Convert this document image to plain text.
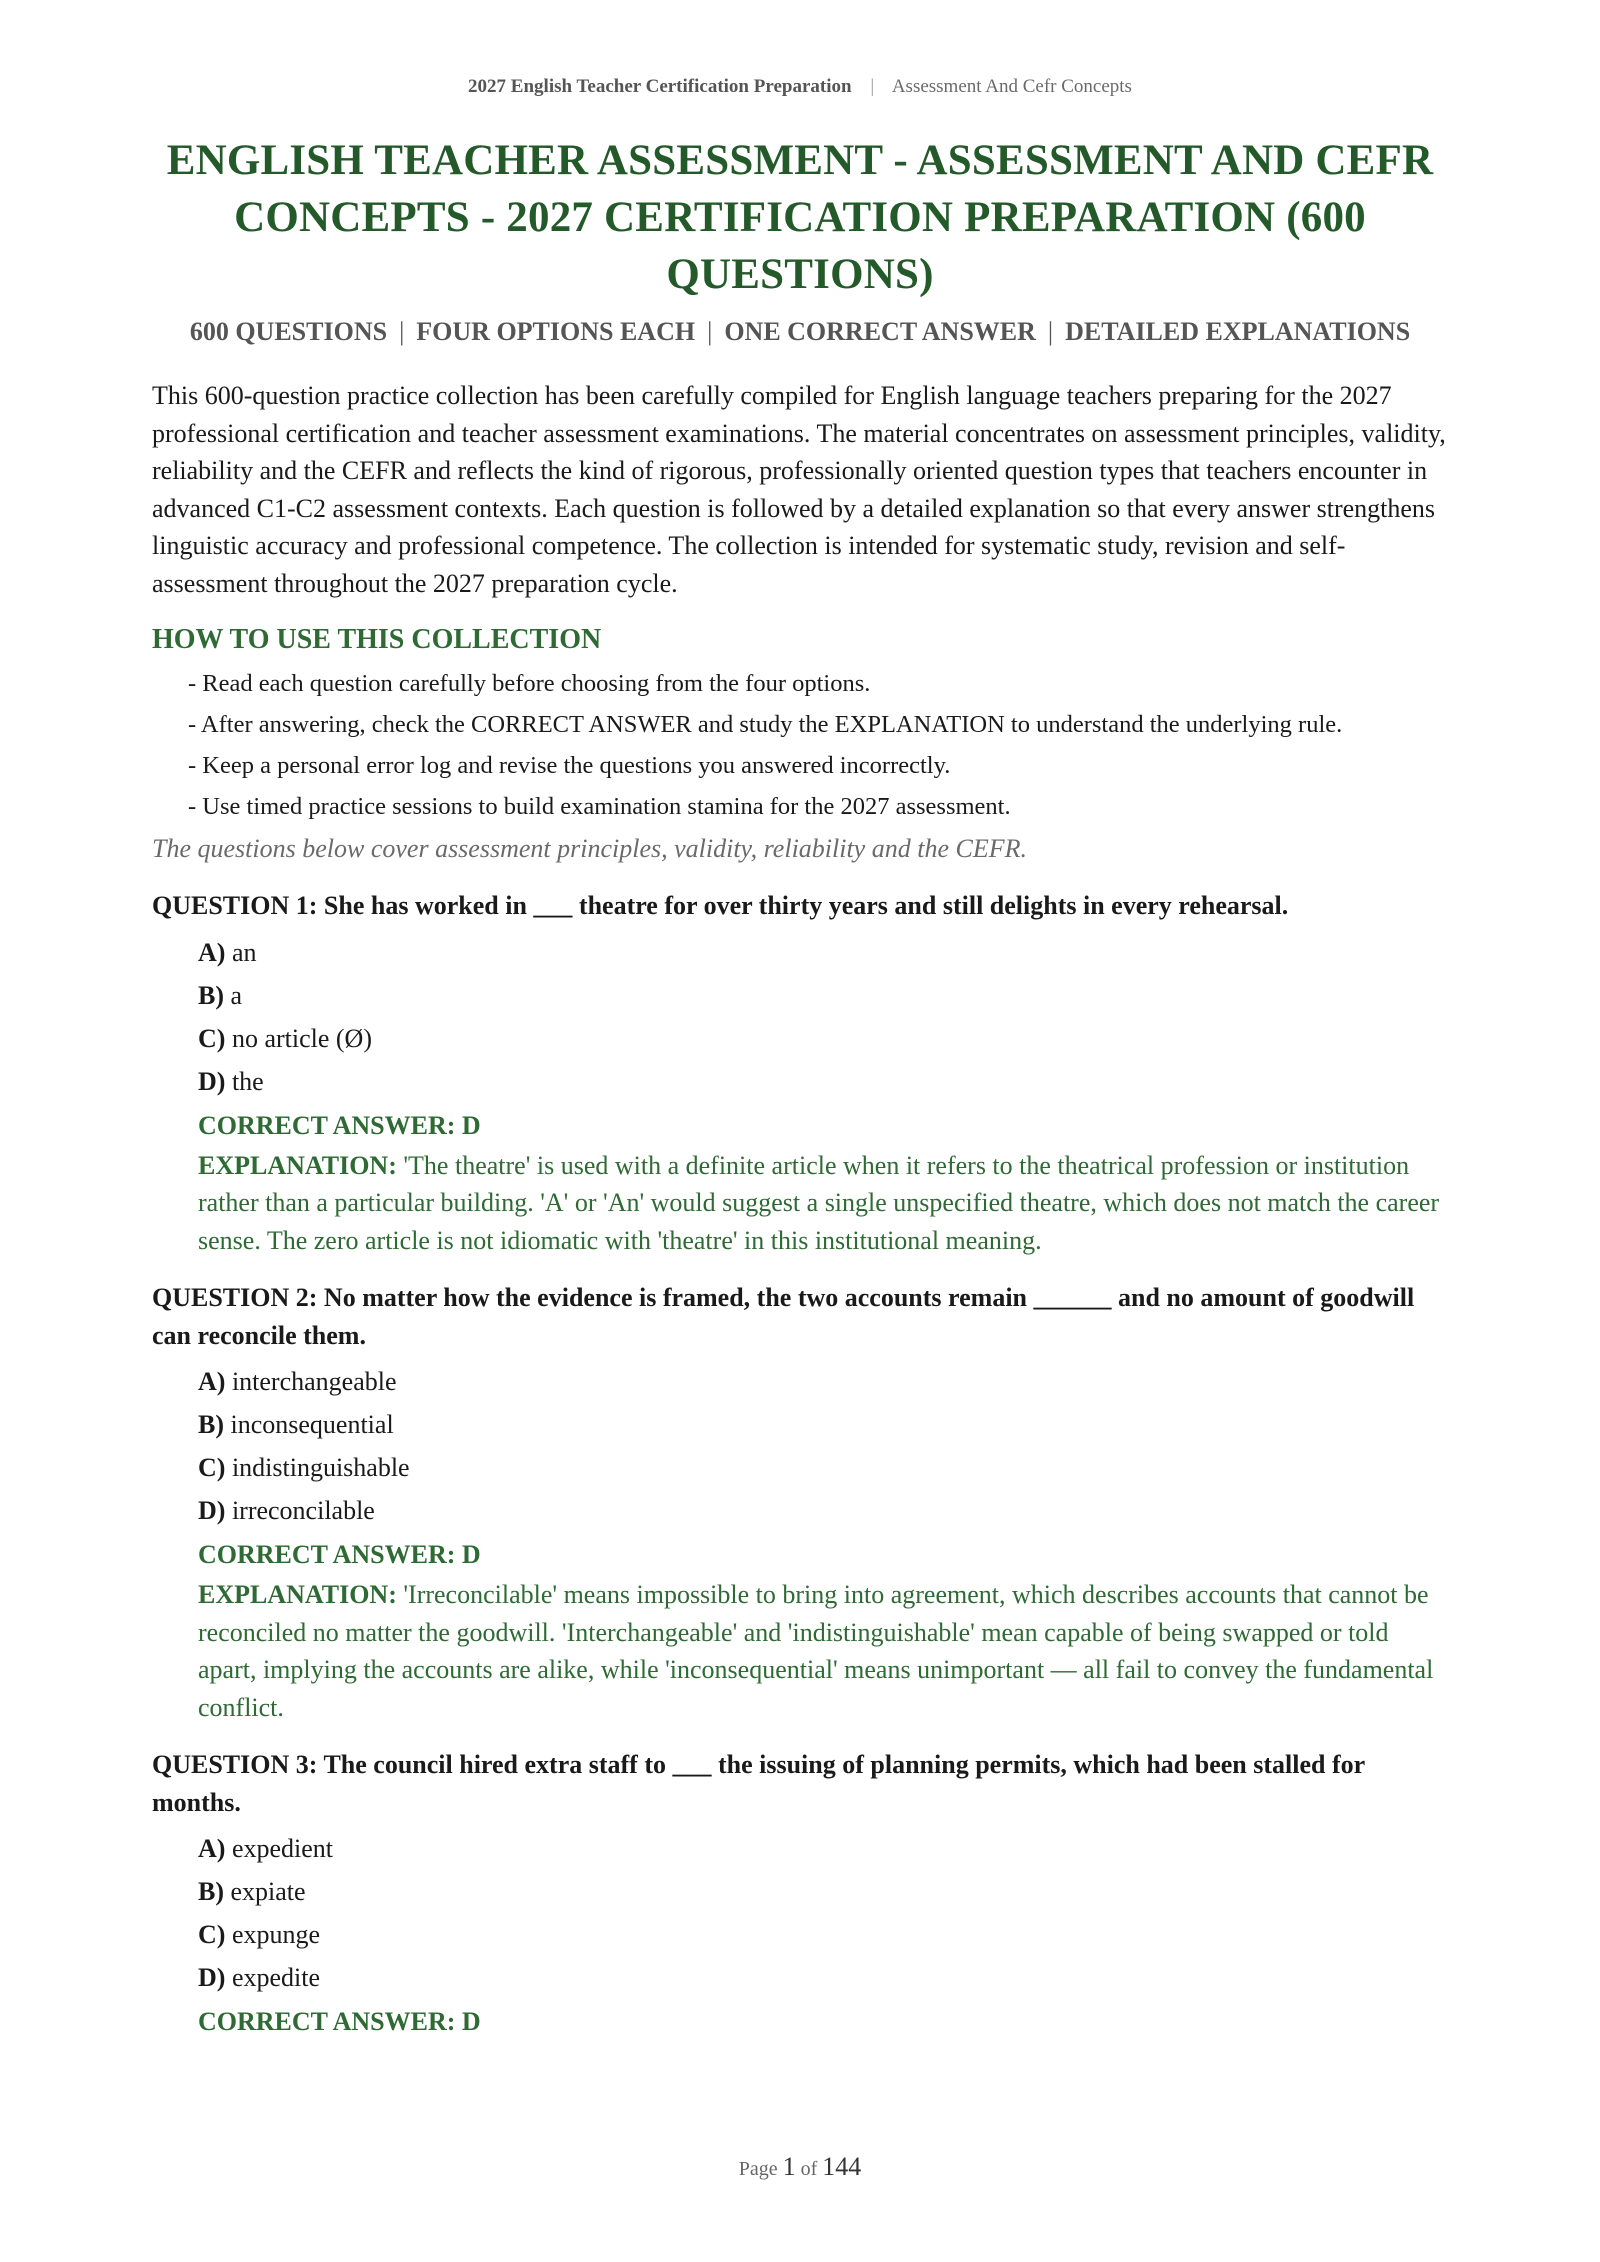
2027 English Teacher Certification Preparation | Assessment And Cefr Concepts
ENGLISH TEACHER ASSESSMENT - ASSESSMENT AND CEFR CONCEPTS - 2027 CERTIFICATION PREPARATION (600 QUESTIONS)

600 QUESTIONS | FOUR OPTIONS EACH | ONE CORRECT ANSWER | DETAILED EXPLANATIONS

This 600-question practice collection has been carefully compiled for English language teachers preparing for the 2027 professional certification and teacher assessment examinations. The material concentrates on assessment principles, validity, reliability and the CEFR and reflects the kind of rigorous, professionally oriented question types that teachers encounter in advanced C1-C2 assessment contexts. Each question is followed by a detailed explanation so that every answer strengthens linguistic accuracy and professional competence. The collection is intended for systematic study, revision and self-assessment throughout the 2027 preparation cycle.

HOW TO USE THIS COLLECTION
- Read each question carefully before choosing from the four options.
- After answering, check the CORRECT ANSWER and study the EXPLANATION to understand the underlying rule.
- Keep a personal error log and revise the questions you answered incorrectly.
- Use timed practice sessions to build examination stamina for the 2027 assessment.

The questions below cover assessment principles, validity, reliability and the CEFR.

QUESTION 1: She has worked in ___ theatre for over thirty years and still delights in every rehearsal.

A) an
B) a
C) no article (Ø)
D) the

CORRECT ANSWER: D

EXPLANATION: 'The theatre' is used with a definite article when it refers to the theatrical profession or institution rather than a particular building. 'A' or 'An' would suggest a single unspecified theatre, which does not match the career sense. The zero article is not idiomatic with 'theatre' in this institutional meaning.

QUESTION 2: No matter how the evidence is framed, the two accounts remain ______ and no amount of goodwill can reconcile them.

A) interchangeable
B) inconsequential
C) indistinguishable
D) irreconcilable

CORRECT ANSWER: D

EXPLANATION: 'Irreconcilable' means impossible to bring into agreement, which describes accounts that cannot be reconciled no matter the goodwill. 'Interchangeable' and 'indistinguishable' mean capable of being swapped or told apart, implying the accounts are alike, while 'inconsequential' means unimportant — all fail to convey the fundamental conflict.

QUESTION 3: The council hired extra staff to ___ the issuing of planning permits, which had been stalled for months.

A) expedient
B) expiate
C) expunge
D) expedite

CORRECT ANSWER: D

Page 1 of 144
